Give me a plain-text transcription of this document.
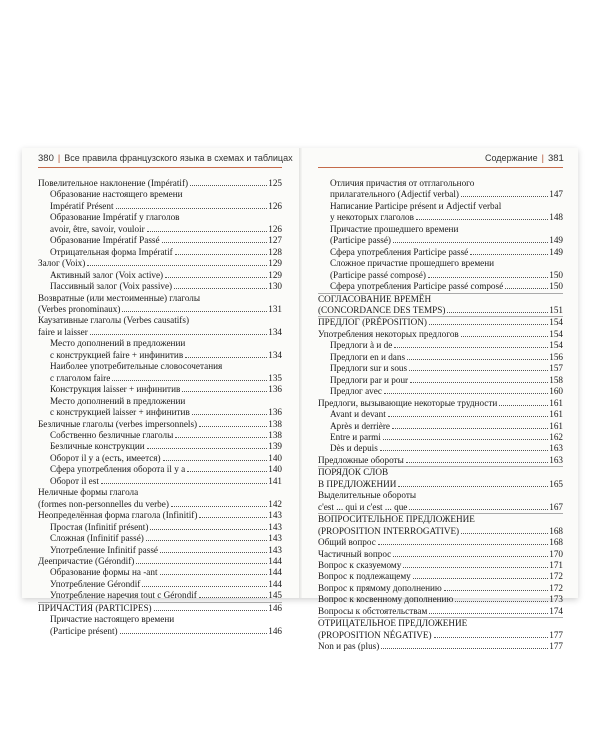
380 | Все правила французского языка в схемах и таблицах	Содержание | 381
Повелительное наклонение (Impératif)	125
Образование настоящего времени
Impératif Présent	126
Образование Impératif у глаголов
avoir, être, savoir, vouloir	126
Образование Impératif Passé	127
Отрицательная форма Impératif	128
Залог (Voix)	129
Активный залог (Voix active)	129
Пассивный залог (Voix passive)	130
Возвратные (или местоименные) глаголы
(Verbes pronominaux)	131
Каузативные глаголы (Verbes causatifs)
faire и laisser	134
Место дополнений в предложении
с конструкцией faire + инфинитив	134
Наиболее употребительные словосочетания
с глаголом faire	135
Конструкция laisser + инфинитив	136
Место дополнений в предложении
с конструкцией laisser + инфинитив	136
Безличные глаголы (verbes impersonnels)	138
Собственно безличные глаголы	138
Безличные конструкции	139
Оборот il y a (есть, имеется)	140
Сфера употребления оборота il y a	140
Оборот il est	141
Неличные формы глагола
(formes non-personnelles du verbe)	142
Неопределённая форма глагола (Infinitif)	143
Простая (Infinitif présent)	143
Сложная (Infinitif passé)	143
Употребление Infinitif passé	143
Деепричастие (Gérondif)	144
Образование формы на -ant	144
Употребление Gérondif	144
Употребление наречия tout с Gérondif	145
ПРИЧАСТИЯ (PARTICIPES)	146
Причастие настоящего времени
(Participe présent)	146
Отличия причастия от отглагольного
прилагательного (Adjectif verbal)	147
Написание Participe présent и Adjectif verbal
у некоторых глаголов	148
Причастие прошедшего времени
(Participe passé)	149
Сфера употребления Participe passé	149
Сложное причастие прошедшего времени
(Participe passé composé)	150
Сфера употребления Participe passé composé	150
СОГЛАСОВАНИЕ ВРЕМЁН
(CONCORDANCE DES TEMPS)	151
ПРЕДЛОГ (PRÉPOSITION)	154
Употребления некоторых предлогов	154
Предлоги à и de	154
Предлоги en и dans	156
Предлоги sur и sous	157
Предлоги par и pour	158
Предлог avec	160
Предлоги, вызывающие некоторые трудности	161
Avant и devant	161
Après и derrière	161
Entre и parmi	162
Dès и depuis	163
Предложные обороты	163
ПОРЯДОК СЛОВ
В ПРЕДЛОЖЕНИИ	165
Выделительные обороты
c'est ... qui и c'est ... que	167
ВОПРОСИТЕЛЬНОЕ ПРЕДЛОЖЕНИЕ
(PROPOSITION INTERROGATIVE)	168
Общий вопрос	168
Частичный вопрос	170
Вопрос к сказуемому	171
Вопрос к подлежащему	172
Вопрос к прямому дополнению	172
Вопрос к косвенному дополнению	173
Вопросы к обстоятельствам	174
ОТРИЦАТЕЛЬНОЕ ПРЕДЛОЖЕНИЕ
(PROPOSITION NÉGATIVE)	177
Non и pas (plus)	177
